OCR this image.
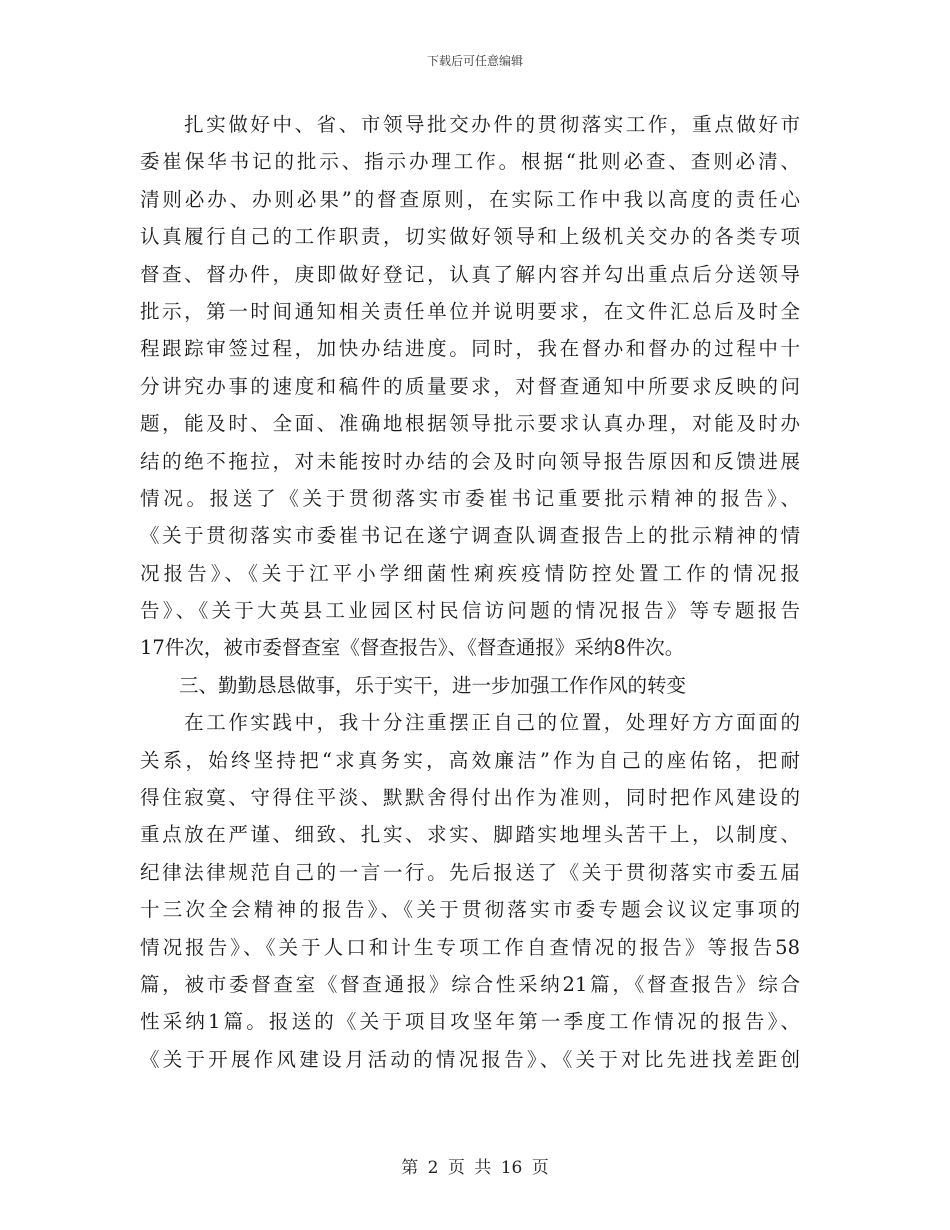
下载后可任意编辑
　　扎实做好中、省、市领导批交办件的贯彻落实工作，重点做好市
委崔保华书记的批示、指示办理工作。根据“批则必查、查则必清、
清则必办、办则必果”的督查原则，在实际工作中我以高度的责任心
认真履行自己的工作职责，切实做好领导和上级机关交办的各类专项
督查、督办件，庚即做好登记，认真了解内容并勾出重点后分送领导
批示，第一时间通知相关责任单位并说明要求，在文件汇总后及时全
程跟踪审签过程，加快办结进度。同时，我在督办和督办的过程中十
分讲究办事的速度和稿件的质量要求，对督查通知中所要求反映的问
题，能及时、全面、准确地根据领导批示要求认真办理，对能及时办
结的绝不拖拉，对未能按时办结的会及时向领导报告原因和反馈进展
情况。报送了《关于贯彻落实市委崔书记重要批示精神的报告》、
《关于贯彻落实市委崔书记在遂宁调查队调查报告上的批示精神的情
况报告》、《关于江平小学细菌性痢疾疫情防控处置工作的情况报
告》、《关于大英县工业园区村民信访问题的情况报告》等专题报告
17件次，被市委督查室《督查报告》、《督查通报》采纳8件次。
　　三、勤勤恳恳做事，乐于实干，进一步加强工作作风的转变
　　在工作实践中，我十分注重摆正自己的位置，处理好方方面面的
关系，始终坚持把“求真务实，高效廉洁”作为自己的座佑铭，把耐
得住寂寞、守得住平淡、默默舍得付出作为准则，同时把作风建设的
重点放在严谨、细致、扎实、求实、脚踏实地埋头苦干上，以制度、
纪律法律规范自己的一言一行。先后报送了《关于贯彻落实市委五届
十三次全会精神的报告》、《关于贯彻落实市委专题会议议定事项的
情况报告》、《关于人口和计生专项工作自查情况的报告》等报告58
篇，被市委督查室《督查通报》综合性采纳21篇，《督查报告》综合
性采纳1篇。报送的《关于项目攻坚年第一季度工作情况的报告》、
《关于开展作风建设月活动的情况报告》、《关于对比先进找差距创
第 2 页 共 16 页
